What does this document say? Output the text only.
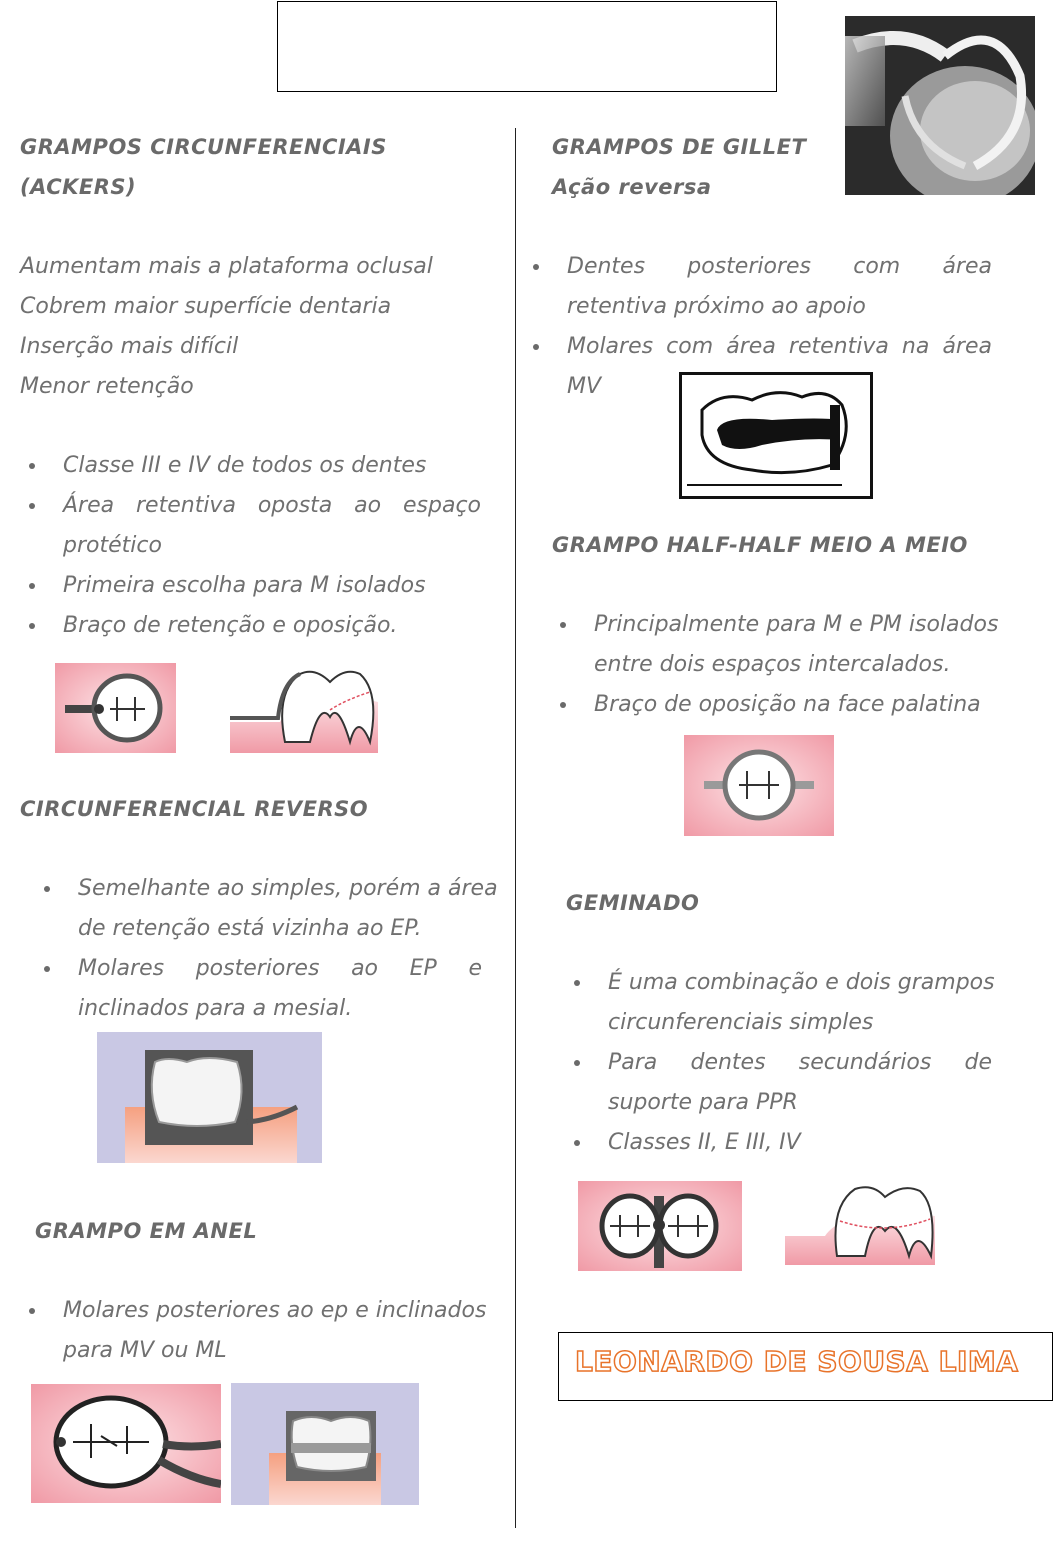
GRAMPOS CIRCUNFERENCIAIS
(ACKERS)
Aumentam mais a plataforma oclusal
Cobrem maior superfície dentaria
Inserção mais difícil
Menor retenção
Classe III e IV de todos os dentes
Área retentiva oposta ao espaço
protético
Primeira escolha para M isolados
Braço de retenção e oposição.
CIRCUNFERENCIAL REVERSO
Semelhante ao simples, porém a área
de retenção está vizinha ao EP.
Molares posteriores ao EP e
inclinados para a mesial.
GRAMPO EM ANEL
Molares posteriores ao ep e inclinados
para MV ou ML
GRAMPOS DE GILLET
Ação reversa
Dentes posteriores com área
retentiva próximo ao apoio
Molares com área retentiva na área
MV
GRAMPO HALF-HALF MEIO A MEIO
Principalmente para M e PM isolados
entre dois espaços intercalados.
Braço de oposição na face palatina
GEMINADO
É uma combinação e dois grampos
circunferenciais simples
Para dentes secundários de
suporte para PPR
Classes II, E III, IV
LEONARDO DE SOUSA LIMA
